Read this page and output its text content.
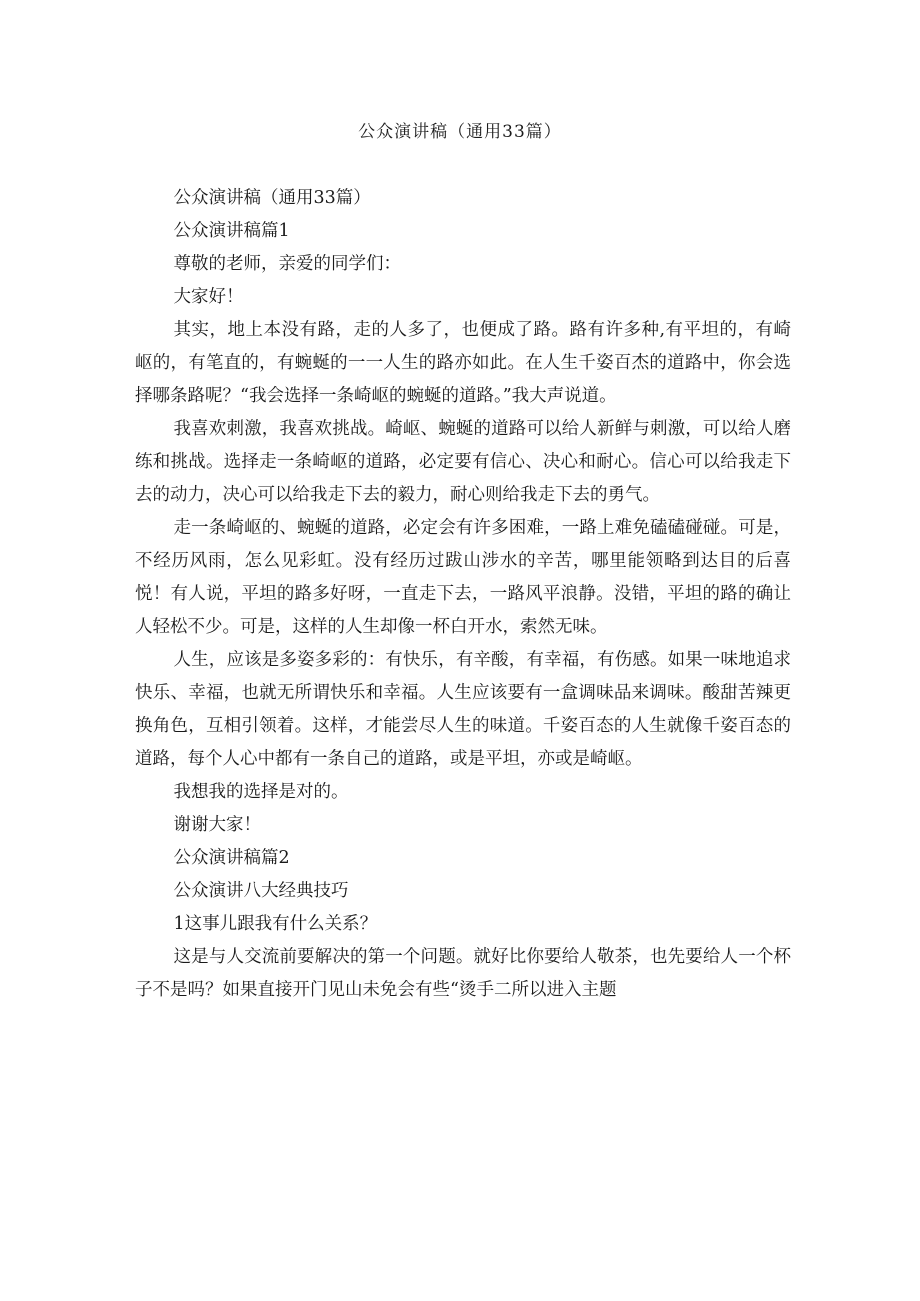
公众演讲稿（通用33篇）

公众演讲稿（通用33篇）

公众演讲稿篇1

尊敬的老师，亲爱的同学们：

大家好！

其实，地上本没有路，走的人多了，也便成了路。路有许多种,有平坦的，有崎岖的，有笔直的，有蜿蜒的一一人生的路亦如此。在人生千姿百杰的道路中，你会选择哪条路呢？“我会选择一条崎岖的蜿蜒的道路。”我大声说道。

我喜欢刺激，我喜欢挑战。崎岖、蜿蜒的道路可以给人新鲜与刺激，可以给人磨练和挑战。选择走一条崎岖的道路，必定要有信心、决心和耐心。信心可以给我走下去的动力，决心可以给我走下去的毅力，耐心则给我走下去的勇气。

走一条崎岖的、蜿蜒的道路，必定会有许多困难，一路上难免磕磕碰碰。可是，不经历风雨，怎么见彩虹。没有经历过跋山涉水的辛苦，哪里能领略到达目的后喜悦！有人说，平坦的路多好呀，一直走下去，一路风平浪静。没错，平坦的路的确让人轻松不少。可是，这样的人生却像一杯白开水，索然无味。

人生，应该是多姿多彩的：有快乐，有辛酸，有幸福，有伤感。如果一味地追求快乐、幸福，也就无所谓快乐和幸福。人生应该要有一盒调味品来调味。酸甜苦辣更换角色，互相引领着。这样，才能尝尽人生的味道。千姿百态的人生就像千姿百态的道路，每个人心中都有一条自己的道路，或是平坦，亦或是崎岖。

我想我的选择是对的。

谢谢大家！

公众演讲稿篇2

公众演讲八大经典技巧

1这事儿跟我有什么关系？

这是与人交流前要解决的第一个问题。就好比你要给人敬茶，也先要给人一个杯子不是吗？如果直接开门见山未免会有些“烫手二所以进入主题
